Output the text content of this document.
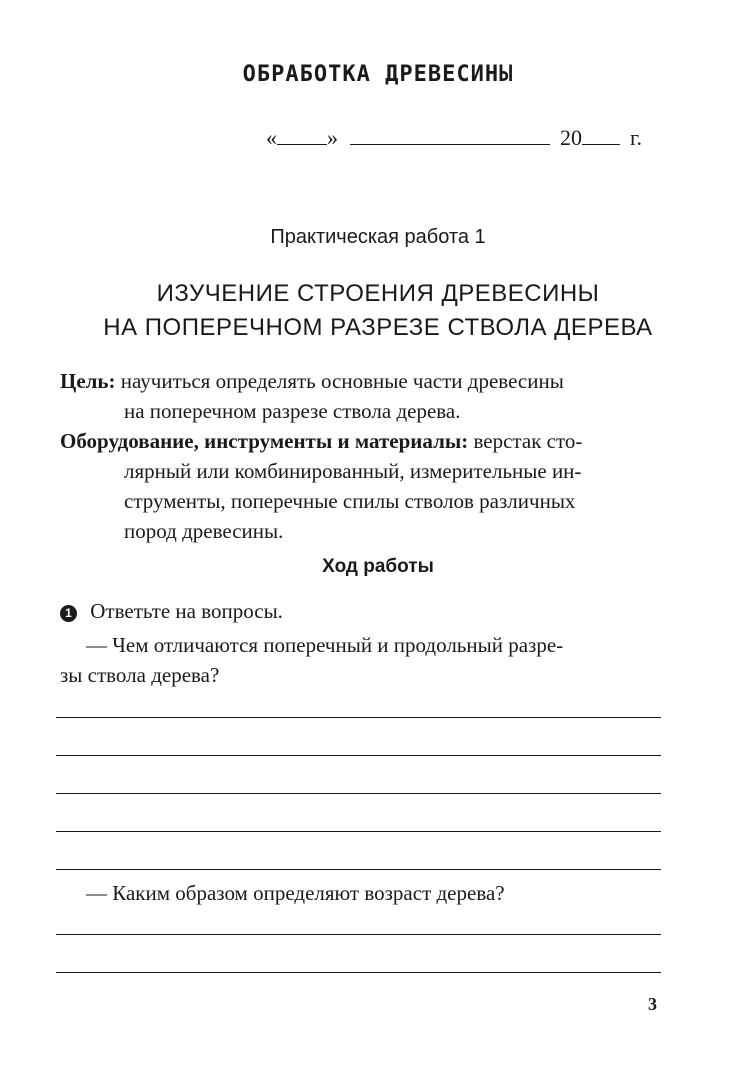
ОБРАБОТКА ДРЕВЕСИНЫ
« »	20 г.
Практическая работа 1
ИЗУЧЕНИЕ СТРОЕНИЯ ДРЕВЕСИНЫ
НА ПОПЕРЕЧНОМ РАЗРЕЗЕ СТВОЛА ДЕРЕВА
Цель: научиться определять основные части древесины
на поперечном разрезе ствола дерева.
Оборудование, инструменты и материалы: верстак сто-
лярный или комбинированный, измерительные ин-
струменты, поперечные спилы стволов различных
пород древесины.
Ход работы
1 Ответьте на вопросы.
— Чем отличаются поперечный и продольный разре-
зы ствола дерева?
— Каким образом определяют возраст дерева?
3
